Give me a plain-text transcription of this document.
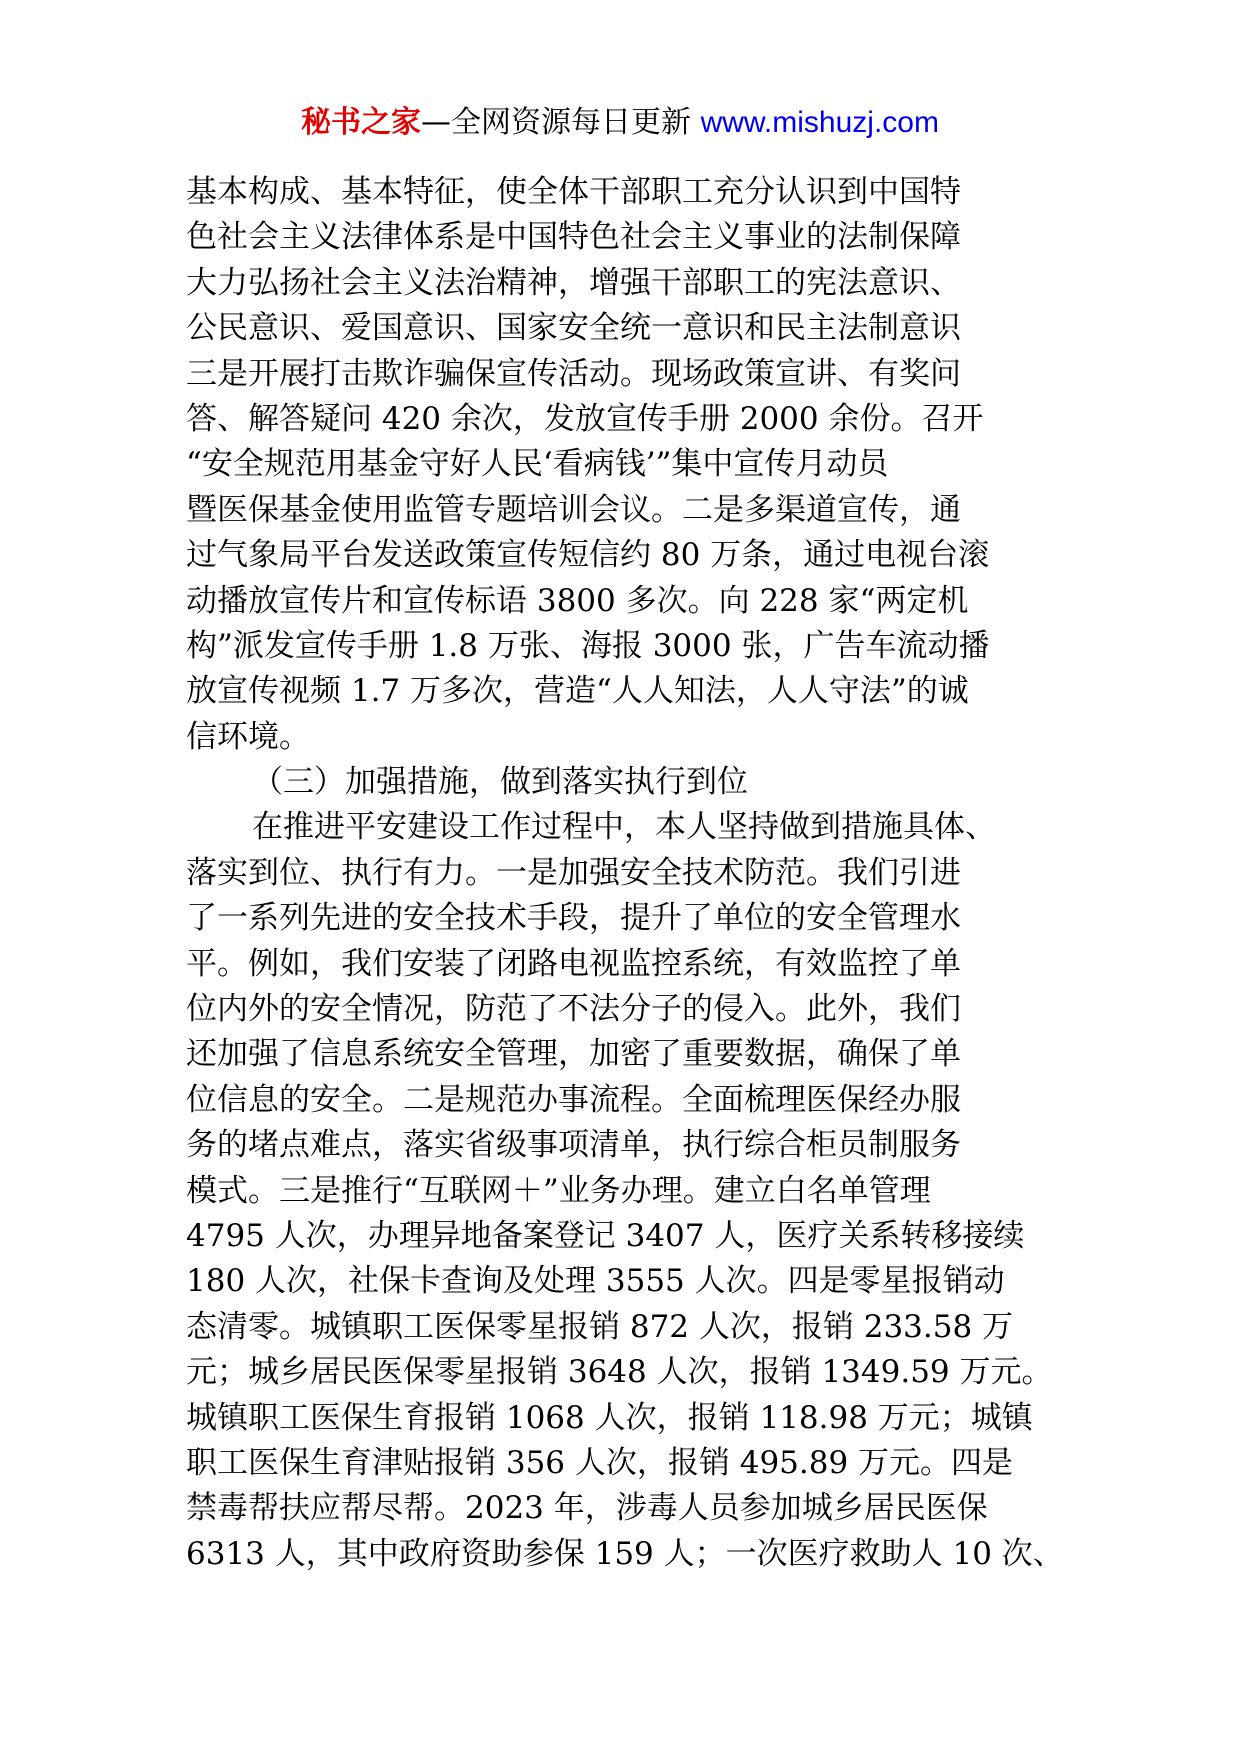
秘书之家—全网资源每日更新 www.mishuzj.com
基本构成、基本特征，使全体干部职工充分认识到中国特
色社会主义法律体系是中国特色社会主义事业的法制保障
大力弘扬社会主义法治精神，增强干部职工的宪法意识、
公民意识、爱国意识、国家安全统一意识和民主法制意识
三是开展打击欺诈骗保宣传活动。现场政策宣讲、有奖问
答、解答疑问 420 余次，发放宣传手册 2000 余份。召开
“安全规范用基金守好人民‘看病钱’”集中宣传月动员
暨医保基金使用监管专题培训会议。二是多渠道宣传，通
过气象局平台发送政策宣传短信约 80 万条，通过电视台滚
动播放宣传片和宣传标语 3800 多次。向 228 家“两定机
构”派发宣传手册 1.8 万张、海报 3000 张，广告车流动播
放宣传视频 1.7 万多次，营造“人人知法，人人守法”的诚
信环境。
（三）加强措施，做到落实执行到位
在推进平安建设工作过程中，本人坚持做到措施具体、
落实到位、执行有力。一是加强安全技术防范。我们引进
了一系列先进的安全技术手段，提升了单位的安全管理水
平。例如，我们安装了闭路电视监控系统，有效监控了单
位内外的安全情况，防范了不法分子的侵入。此外，我们
还加强了信息系统安全管理，加密了重要数据，确保了单
位信息的安全。二是规范办事流程。全面梳理医保经办服
务的堵点难点，落实省级事项清单，执行综合柜员制服务
模式。三是推行“互联网＋”业务办理。建立白名单管理
4795 人次，办理异地备案登记 3407 人，医疗关系转移接续
180 人次，社保卡查询及处理 3555 人次。四是零星报销动
态清零。城镇职工医保零星报销 872 人次，报销 233.58 万
元；城乡居民医保零星报销 3648 人次，报销 1349.59 万元。
城镇职工医保生育报销 1068 人次，报销 118.98 万元；城镇
职工医保生育津贴报销 356 人次，报销 495.89 万元。四是
禁毒帮扶应帮尽帮。2023 年，涉毒人员参加城乡居民医保
6313 人，其中政府资助参保 159 人；一次医疗救助人 10 次、
